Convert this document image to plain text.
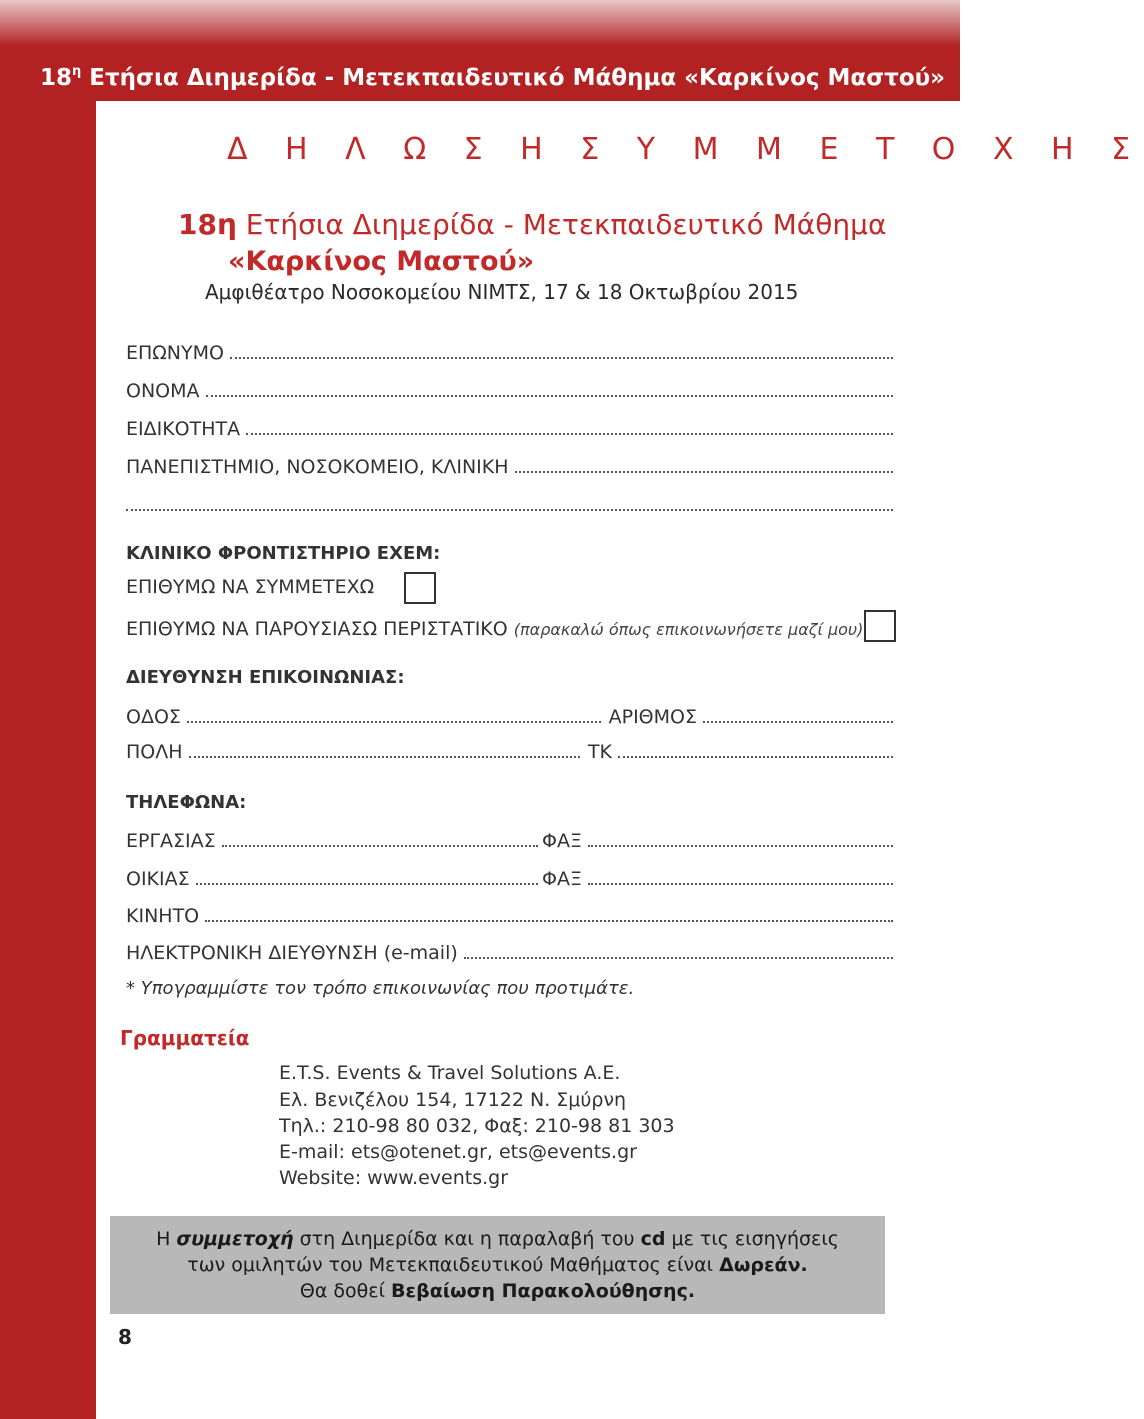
$18^\eta$ Ετήσια Διημερίδα - Μετεκπαιδευτικό Μάθημα «Καρκίνος Μαστού»
Δ Η Λ Ω Σ Η Σ Υ Μ Μ Ε Τ Ο Χ Η Σ
18η Ετήσια Διημερίδα - Μετεκπαιδευτικό Μάθημα
«Καρκίνος Μαστού»
Αμφιθέατρο Νοσοκομείου ΝΙΜΤΣ, 17 & 18 Οκτωβρίου 2015
ΕΠΩΝΥΜΟ
ΟΝΟΜΑ
ΕΙΔΙΚΟΤΗΤΑ
ΠΑΝΕΠΙΣΤΗΜΙΟ, ΝΟΣΟΚΟΜΕΙΟ, ΚΛΙΝΙΚΗ
ΚΛΙΝΙΚΟ ΦΡΟΝΤΙΣΤΗΡΙΟ ΕΧΕΜ:
ΕΠΙΘΥΜΩ ΝΑ ΣΥΜΜΕΤΕΧΩ
ΕΠΙΘΥΜΩ ΝΑ ΠΑΡΟΥΣΙΑΣΩ ΠΕΡΙΣΤΑΤΙΚΟ (παρακαλώ όπως επικοινωνήσετε μαζί μου)
ΔΙΕΥΘΥΝΣΗ ΕΠΙΚΟΙΝΩΝΙΑΣ:
ΟΔΟΣ	ΑΡΙΘΜΟΣ
ΠΟΛΗ	ΤΚ
ΤΗΛΕΦΩΝΑ:
ΕΡΓΑΣΙΑΣ	ΦΑΞ
ΟΙΚΙΑΣ	ΦΑΞ
ΚΙΝΗΤΟ
ΗΛΕΚΤΡΟΝΙΚΗ ΔΙΕΥΘΥΝΣΗ (e-mail)
* Υπογραμμίστε τον τρόπο επικοινωνίας που προτιμάτε.
Γραμματεία
E.T.S. Events & Travel Solutions A.E.
Ελ. Βενιζέλου 154, 17122 Ν. Σμύρνη
Τηλ.: 210-98 80 032, Φαξ: 210-98 81 303
E-mail: ets@otenet.gr, ets@events.gr
Website: www.events.gr
Η συμμετοχή στη Διημερίδα και η παραλαβή του cd με τις εισηγήσεις
των ομιλητών του Μετεκπαιδευτικού Μαθήματος είναι Δωρεάν.
Θα δοθεί Βεβαίωση Παρακολούθησης.
8
